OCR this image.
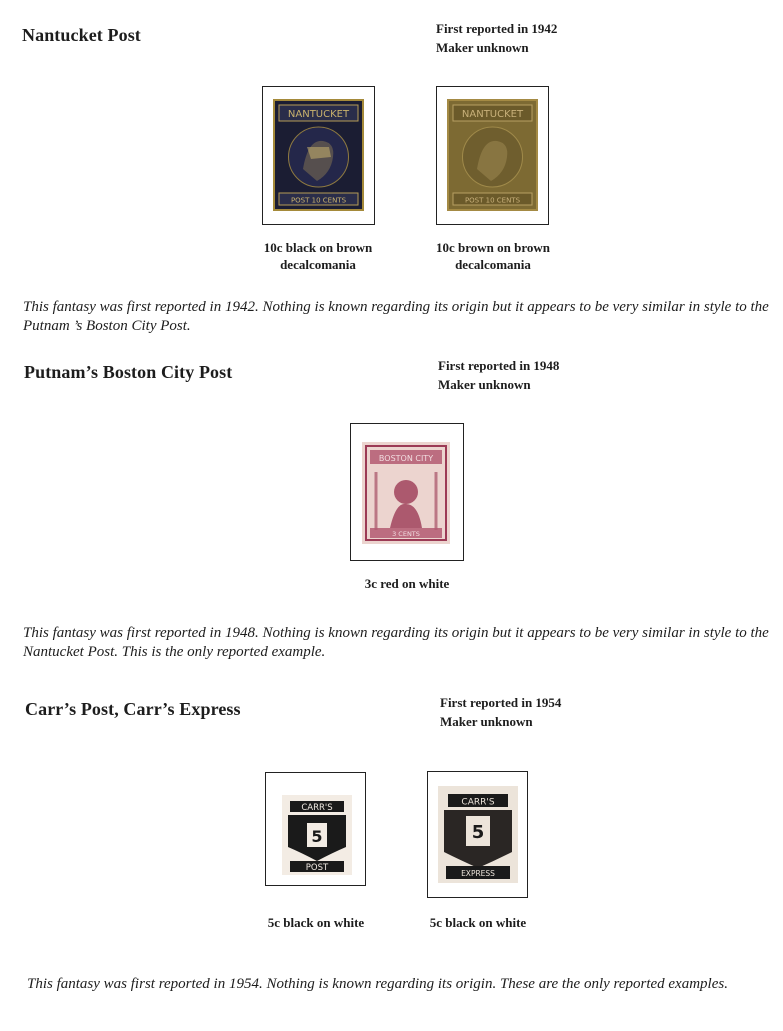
Nantucket Post	First reported in 1942
Maker unknown
NANTUCKET
POST 10 CENTS
10c black on brown
decalcomania
NANTUCKET
POST 10 CENTS
10c brown on brown
decalcomania
This fantasy was first reported in 1942. Nothing is known regarding its origin but it appears to be very similar in style to the Putnam ’s Boston City Post.
Putnam’s Boston City Post	First reported in 1948
Maker unknown
BOSTON CITY
3 CENTS
3c red on white
This fantasy was first reported in 1948. Nothing is known regarding its origin but it appears to be very similar in style to the Nantucket Post. This is the only reported example.
Carr’s Post, Carr’s Express	First reported in 1954
Maker unknown
CARR'S
5
POST
5c black on white
CARR'S
5
EXPRESS
5c black on white
This fantasy was first reported in 1954. Nothing is known regarding its origin. These are the only reported examples.
